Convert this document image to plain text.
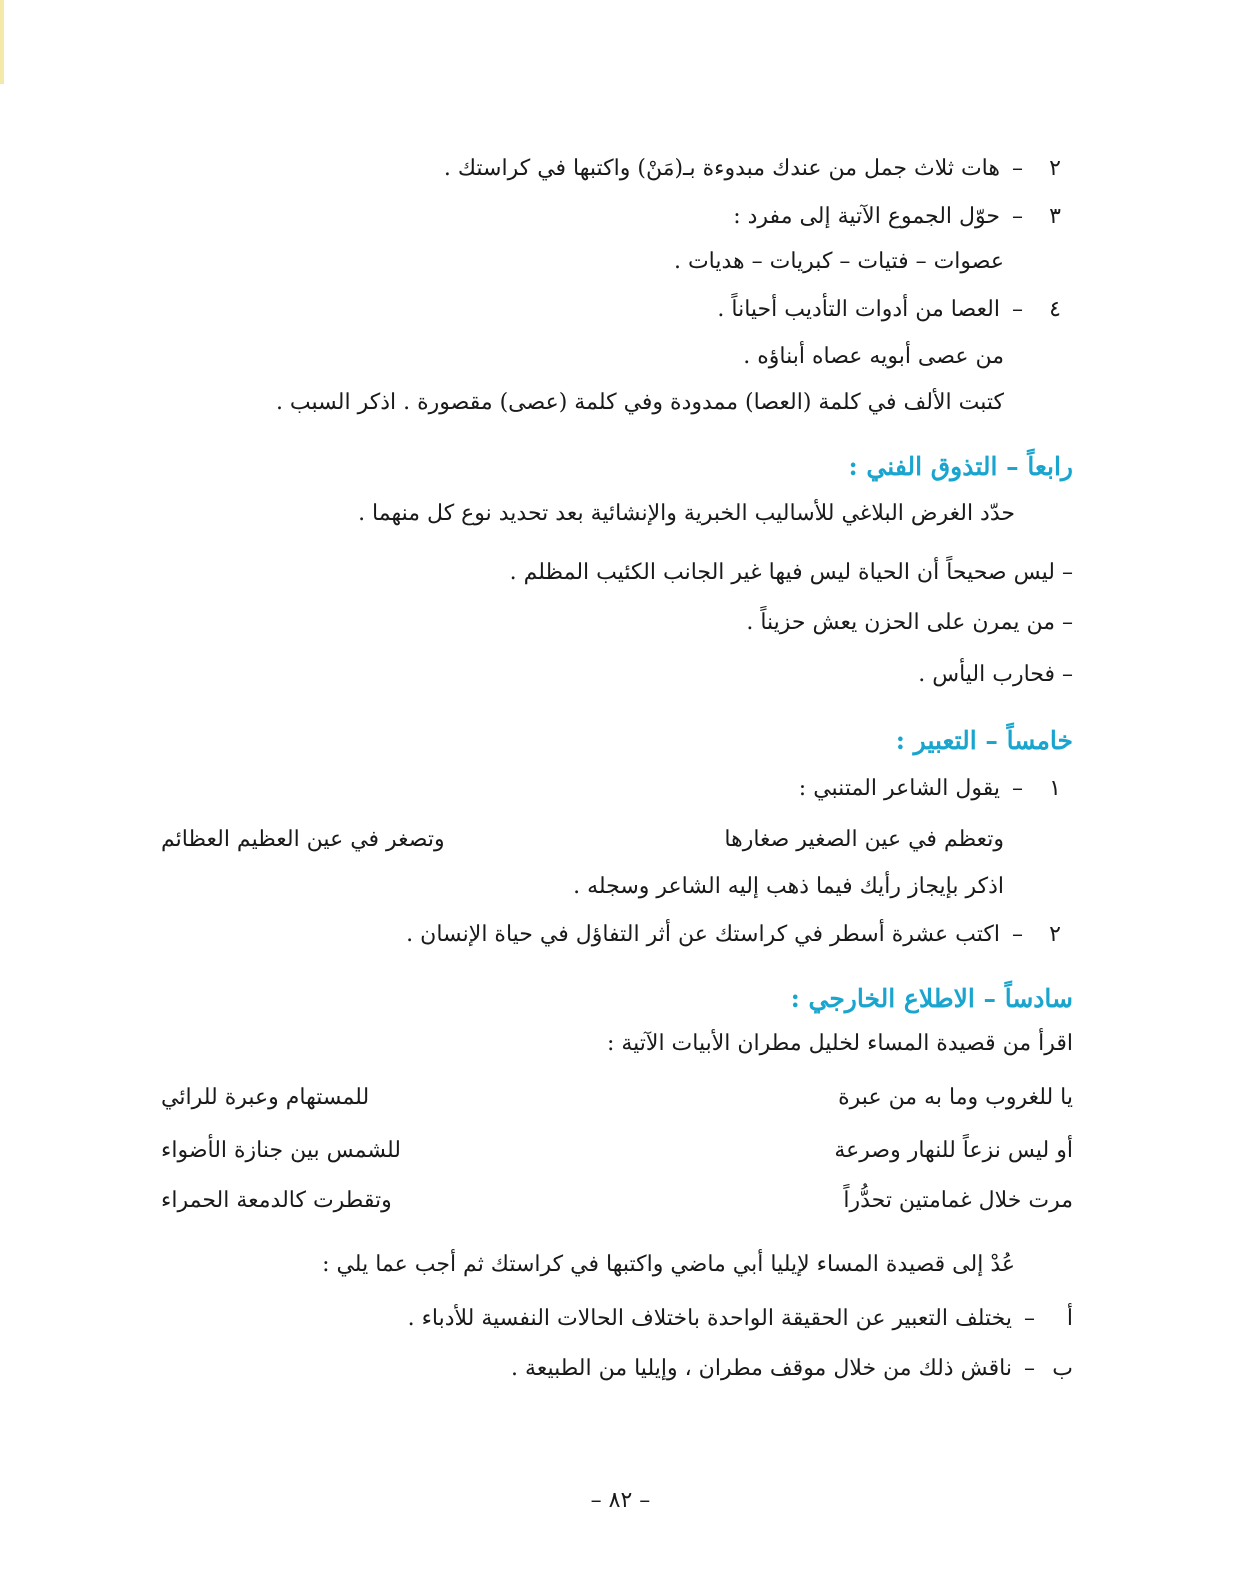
٢–هات ثلاث جمل من عندك مبدوءة بـ(مَنْ) واكتبها في كراستك .
٣–حوّل الجموع الآتية إلى مفرد :
عصوات – فتيات – كبريات – هديات .
٤–العصا من أدوات التأديب أحياناً .
من عصى أبويه عصاه أبناؤه .
كتبت الألف في كلمة (العصا) ممدودة وفي كلمة (عصى) مقصورة . اذكر السبب .
رابعاً – التذوق الفني :
حدّد الغرض البلاغي للأساليب الخبرية والإنشائية بعد تحديد نوع كل منهما .
– ليس صحيحاً أن الحياة ليس فيها غير الجانب الكئيب المظلم .
– من يمرن على الحزن يعش حزيناً .
– فحارب اليأس .
خامساً – التعبير :
١–يقول الشاعر المتنبي :
وتعظم في عين الصغير صغارها
وتصغر في عين العظيم العظائم
اذكر بإيجاز رأيك فيما ذهب إليه الشاعر وسجله .
٢–اكتب عشرة أسطر في كراستك عن أثر التفاؤل في حياة الإنسان .
سادساً – الاطلاع الخارجي :
اقرأ من قصيدة المساء لخليل مطران الأبيات الآتية :
يا للغروب وما به من عبرة
للمستهام وعبرة للرائي
أو ليس نزعاً للنهار وصرعة
للشمس بين جنازة الأضواء
مرت خلال غمامتين تحدُّراً
وتقطرت كالدمعة الحمراء
عُدْ إلى قصيدة المساء لإيليا أبي ماضي واكتبها في كراستك ثم أجب عما يلي :
أ–يختلف التعبير عن الحقيقة الواحدة باختلاف الحالات النفسية للأدباء .
ب–ناقش ذلك من خلال موقف مطران ، وإيليا من الطبيعة .
– ٨٢ –
